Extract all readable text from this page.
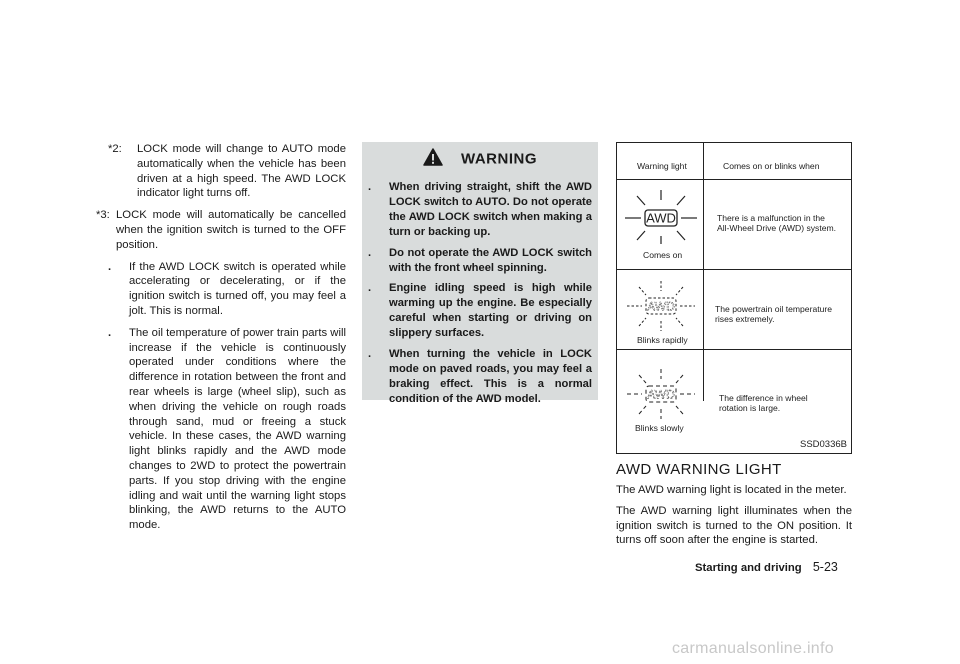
*2: LOCK mode will change to AUTO mode automatically when the vehicle has been driven at a high speed. The AWD LOCK indicator light turns off.
*3: LOCK mode will automatically be cancelled when the ignition switch is turned to the OFF position.
. If the AWD LOCK switch is operated while accelerating or decelerating, or if the ignition switch is turned off, you may feel a jolt. This is normal.
. The oil temperature of power train parts will increase if the vehicle is continuously operated under conditions where the difference in rotation between the front and rear wheels is large (wheel slip), such as when driving the vehicle on rough roads through sand, mud or freeing a stuck vehicle. In these cases, the AWD warning light blinks rapidly and the AWD mode changes to 2WD to protect the powertrain parts. If you stop driving with the engine idling and wait until the warning light stops blinking, the AWD returns to the AUTO mode.
WARNING
. When driving straight, shift the AWD LOCK switch to AUTO. Do not operate the AWD LOCK switch when making a turn or backing up.
. Do not operate the AWD LOCK switch with the front wheel spinning.
. Engine idling speed is high while warming up the engine. Be especially careful when starting or driving on slippery surfaces.
. When turning the vehicle in LOCK mode on paved roads, you may feel a braking effect. This is a normal condition of the AWD model.
Warning light	Comes on or blinks when
AWD
Comes on
There is a malfunction in the
All-Wheel Drive (AWD) system.
AWD
Blinks rapidly
The powertrain oil temperature
rises extremely.
AWD
Blinks slowly
The difference in wheel
rotation is large.
SSD0336B
AWD WARNING LIGHT

The AWD warning light is located in the meter.

The AWD warning light illuminates when the ignition switch is turned to the ON position. It turns off soon after the engine is started.

Starting and driving 5-23
carmanualsonline.info
